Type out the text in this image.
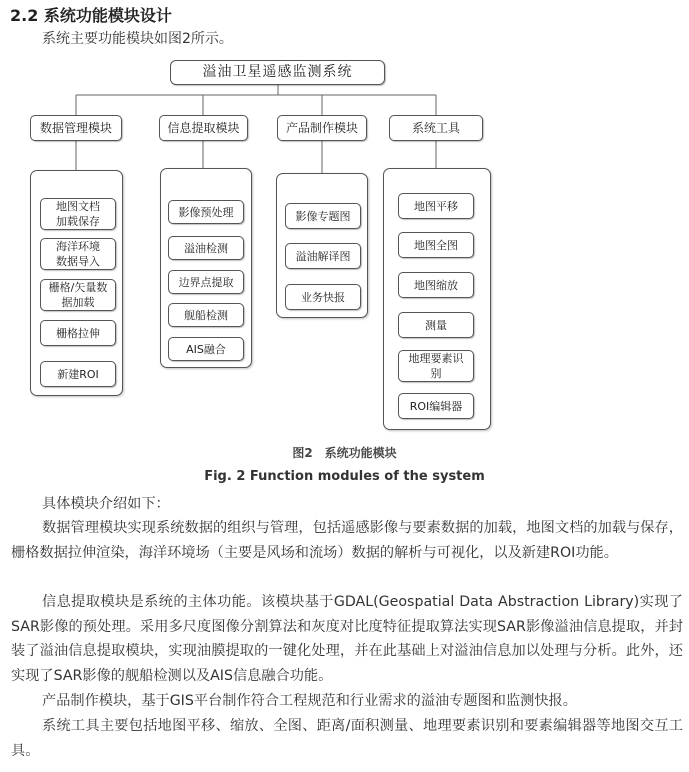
2.2 系统功能模块设计
系统主要功能模块如图2所示。
溢油卫星遥感监测系统
数据管理模块	信息提取模块	产品制作模块	系统工具
地图文档
加载保存
海洋环境
数据导入
栅格/矢量数
据加载
栅格拉伸
新建ROI
影像预处理
溢油检测
边界点提取
舰船检测
AIS融合
影像专题图
溢油解译图
业务快报
地图平移
地图全图
地图缩放
测量
地理要素识
别
ROI编辑器
图2　系统功能模块
Fig. 2 Function modules of the system
具体模块介绍如下：
数据管理模块实现系统数据的组织与管理，包括遥感影像与要素数据的加载，地图文档的加载与保存，栅格数据拉伸渲染，海洋环境场（主要是风场和流场）数据的解析与可视化，以及新建ROI功能。
信息提取模块是系统的主体功能。该模块基于GDAL(Geospatial Data Abstraction Library)实现了SAR影像的预处理。采用多尺度图像分割算法和灰度对比度特征提取算法实现SAR影像溢油信息提取，并封装了溢油信息提取模块，实现油膜提取的一键化处理，并在此基础上对溢油信息加以处理与分析。此外，还实现了SAR影像的舰船检测以及AIS信息融合功能。
产品制作模块，基于GIS平台制作符合工程规范和行业需求的溢油专题图和监测快报。
系统工具主要包括地图平移、缩放、全图、距离/面积测量、地理要素识别和要素编辑器等地图交互工具。
